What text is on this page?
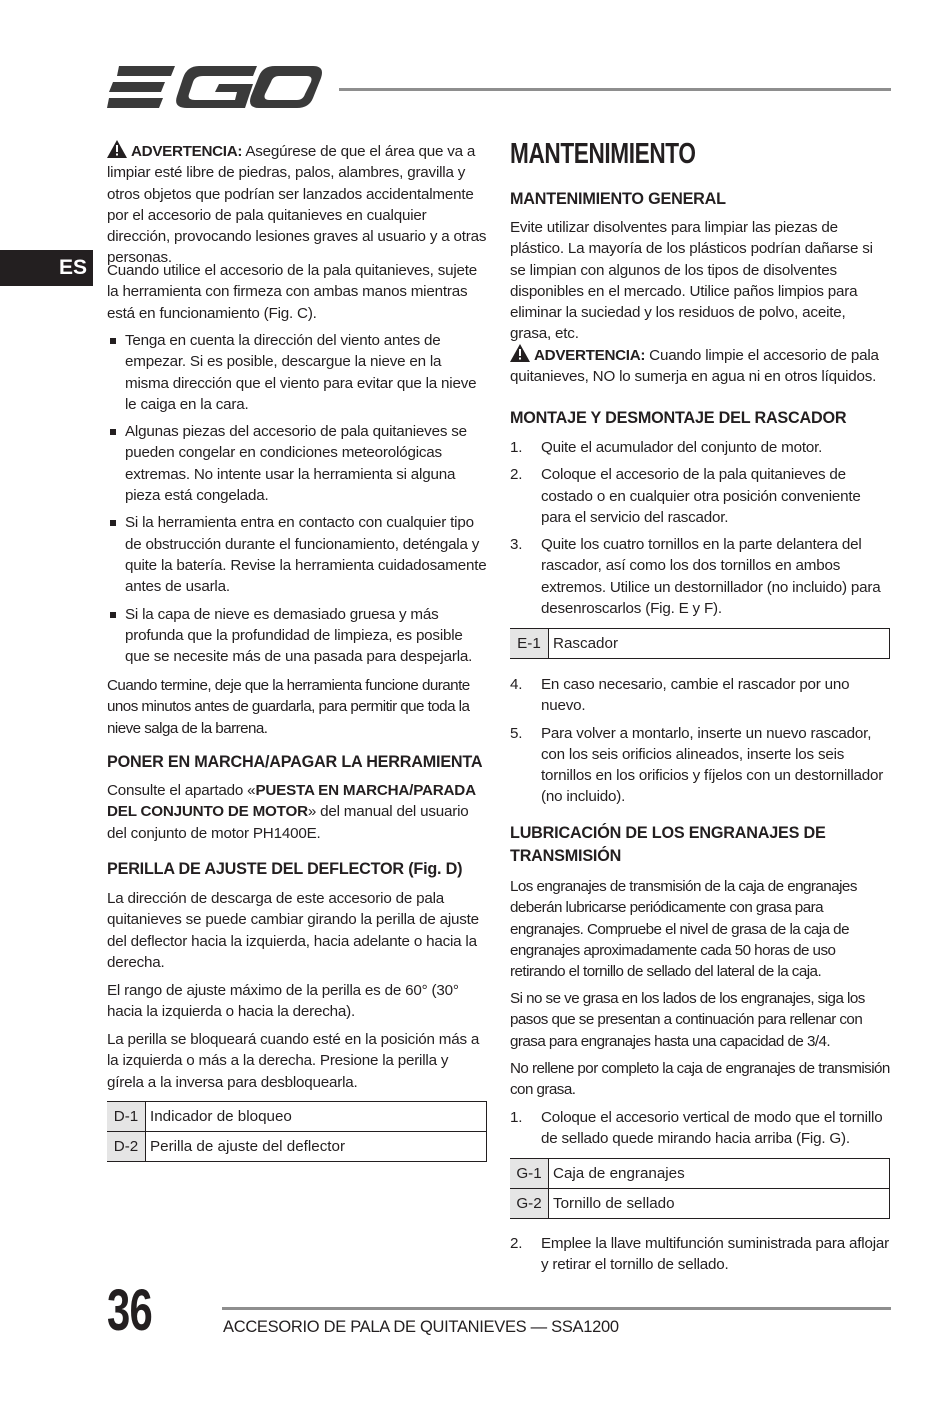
ES

ADVERTENCIA: Asegúrese de que el área que va a limpiar esté libre de piedras, palos, alambres, gravilla y otros objetos que podrían ser lanzados accidentalmente por el accesorio de pala quitanieves en cualquier dirección, provocando lesiones graves al usuario y a otras personas.

Cuando utilice el accesorio de la pala quitanieves, sujete la herramienta con firmeza con ambas manos mientras está en funcionamiento (Fig. C).

Tenga en cuenta la dirección del viento antes de empezar. Si es posible, descargue la nieve en la misma dirección que el viento para evitar que la nieve le caiga en la cara.
Algunas piezas del accesorio de pala quitanieves se pueden congelar en condiciones meteorológicas extremas. No intente usar la herramienta si alguna pieza está congelada.
Si la herramienta entra en contacto con cualquier tipo de obstrucción durante el funcionamiento, deténgala y quite la batería. Revise la herramienta cuidadosamente antes de usarla.
Si la capa de nieve es demasiado gruesa y más profunda que la profundidad de limpieza, es posible que se necesite más de una pasada para despejarla.

Cuando termine, deje que la herramienta funcione durante unos minutos antes de guardarla, para permitir que toda la nieve salga de la barrena.

PONER EN MARCHA/APAGAR LA HERRAMIENTA

Consulte el apartado «PUESTA EN MARCHA/PARADA DEL CONJUNTO DE MOTOR» del manual del usuario del conjunto de motor PH1400E.

PERILLA DE AJUSTE DEL DEFLECTOR (Fig. D)

La dirección de descarga de este accesorio de pala quitanieves se puede cambiar girando la perilla de ajuste del deflector hacia la izquierda, hacia adelante o hacia la derecha.

El rango de ajuste máximo de la perilla es de 60° (30° hacia la izquierda o hacia la derecha).

La perilla se bloqueará cuando esté en la posición más a la izquierda o más a la derecha. Presione la perilla y gírela a la inversa para desbloquearla.

D-1	Indicador de bloqueo
D-2	Perilla de ajuste del deflector
MANTENIMIENTO
MANTENIMIENTO GENERAL

Evite utilizar disolventes para limpiar las piezas de plástico. La mayoría de los plásticos podrían dañarse si se limpian con algunos de los tipos de disolventes disponibles en el mercado. Utilice paños limpios para eliminar la suciedad y los residuos de polvo, aceite, grasa, etc.

ADVERTENCIA: Cuando limpie el accesorio de pala quitanieves, NO lo sumerja en agua ni en otros líquidos.

MONTAJE Y DESMONTAJE DEL RASCADOR
1. Quite el acumulador del conjunto de motor.
2. Coloque el accesorio de la pala quitanieves de costado o en cualquier otra posición conveniente para el servicio del rascador.
3. Quite los cuatro tornillos en la parte delantera del rascador, así como los dos tornillos en ambos extremos. Utilice un destornillador (no incluido) para desenroscarlos (Fig. E y F).
E-1	Rascador
4. En caso necesario, cambie el rascador por uno nuevo.
5. Para volver a montarlo, inserte un nuevo rascador, con los seis orificios alineados, inserte los seis tornillos en los orificios y fíjelos con un destornillador (no incluido).
LUBRICACIÓN DE LOS ENGRANAJES DE TRANSMISIÓN

Los engranajes de transmisión de la caja de engranajes deberán lubricarse periódicamente con grasa para engranajes. Compruebe el nivel de grasa de la caja de engranajes aproximadamente cada 50 horas de uso retirando el tornillo de sellado del lateral de la caja.

Si no se ve grasa en los lados de los engranajes, siga los pasos que se presentan a continuación para rellenar con grasa para engranajes hasta una capacidad de 3/4.

No rellene por completo la caja de engranajes de transmisión con grasa.

1. Coloque el accesorio vertical de modo que el tornillo de sellado quede mirando hacia arriba (Fig. G).
G-1	Caja de engranajes
G-2	Tornillo de sellado
2. Emplee la llave multifunción suministrada para aflojar y retirar el tornillo de sellado.
36	ACCESORIO DE PALA DE QUITANIEVES — SSA1200
